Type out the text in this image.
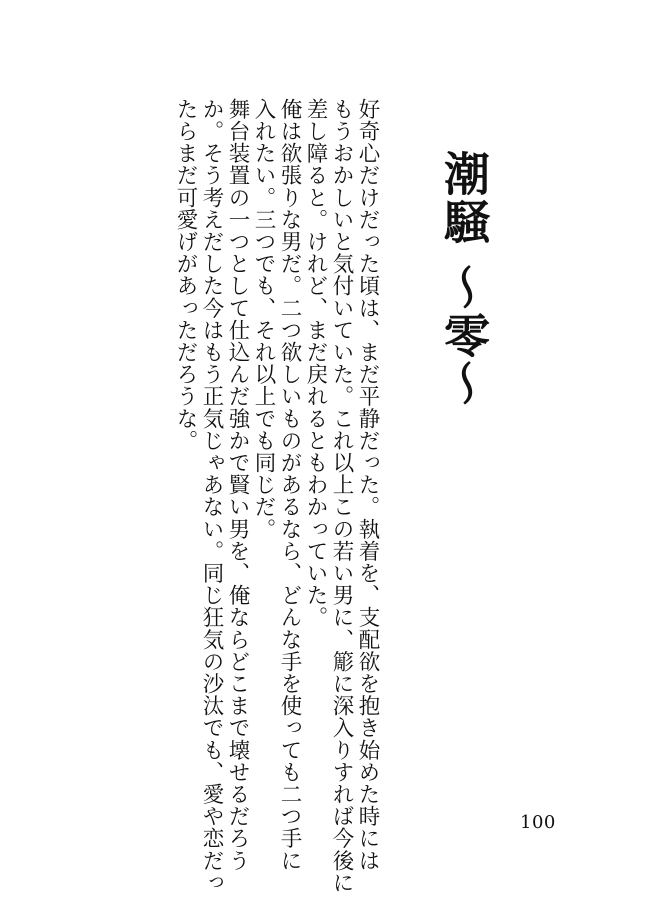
潮騒 〜零〜

好奇心だけだった頃は、まだ平静だった。執着を、支配欲を抱き始めた時には

もうおかしいと気付いていた。これ以上この若い男に、簓に深入りすれば今後に

差し障ると。けれど、まだ戻れるともわかっていた。

俺は欲張りな男だ。二つ欲しいものがあるなら、どんな手を使っても二つ手に

入れたい。三つでも、それ以上でも同じだ。

舞台装置の一つとして仕込んだ強かで賢い男を、俺ならどこまで壊せるだろう

か。そう考えだした今はもう正気じゃあない。同じ狂気の沙汰でも、愛や恋だっ

たらまだ可愛げがあっただろうな。

100
